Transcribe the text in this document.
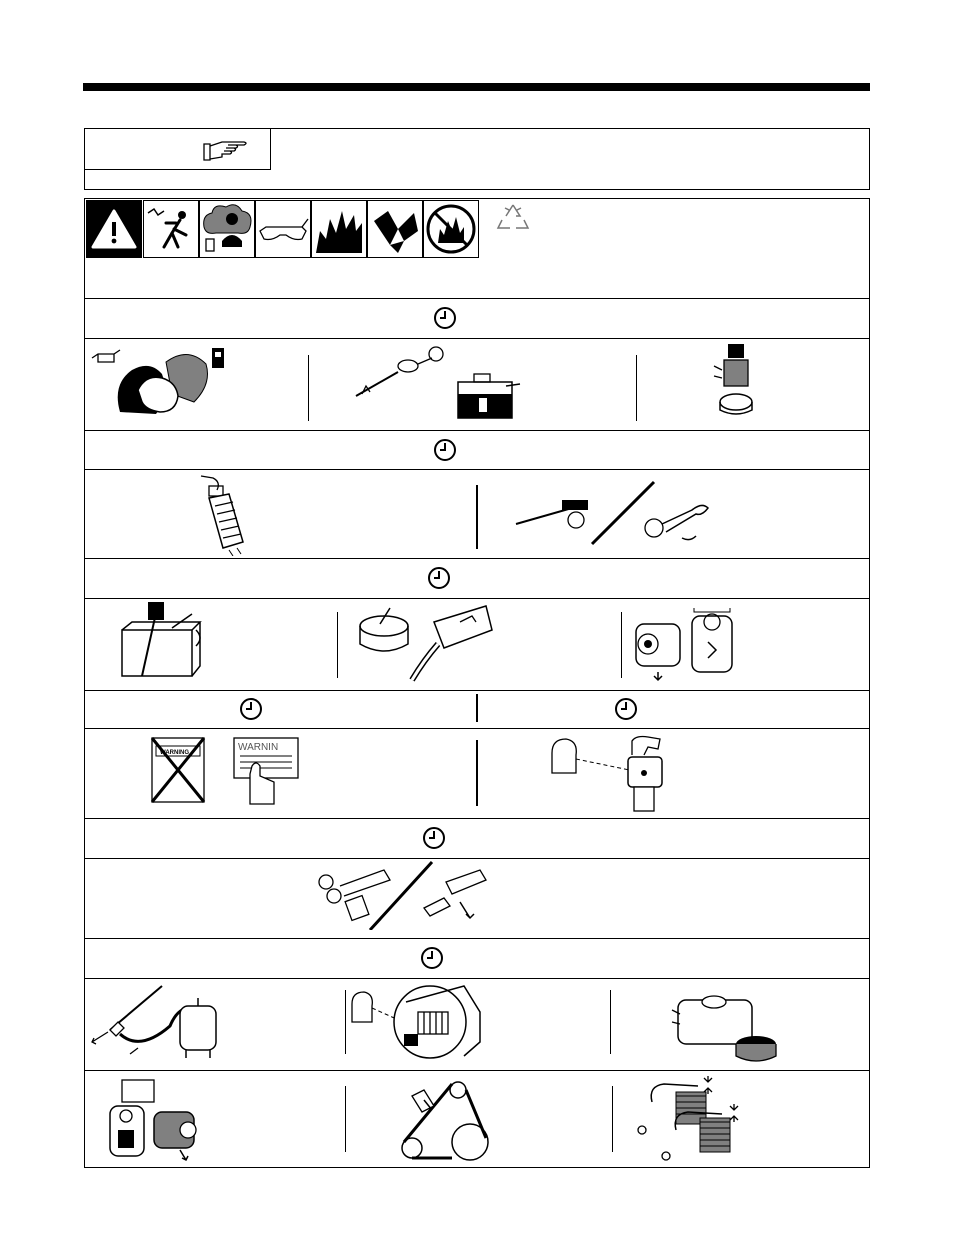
WARNING	WARNIN
